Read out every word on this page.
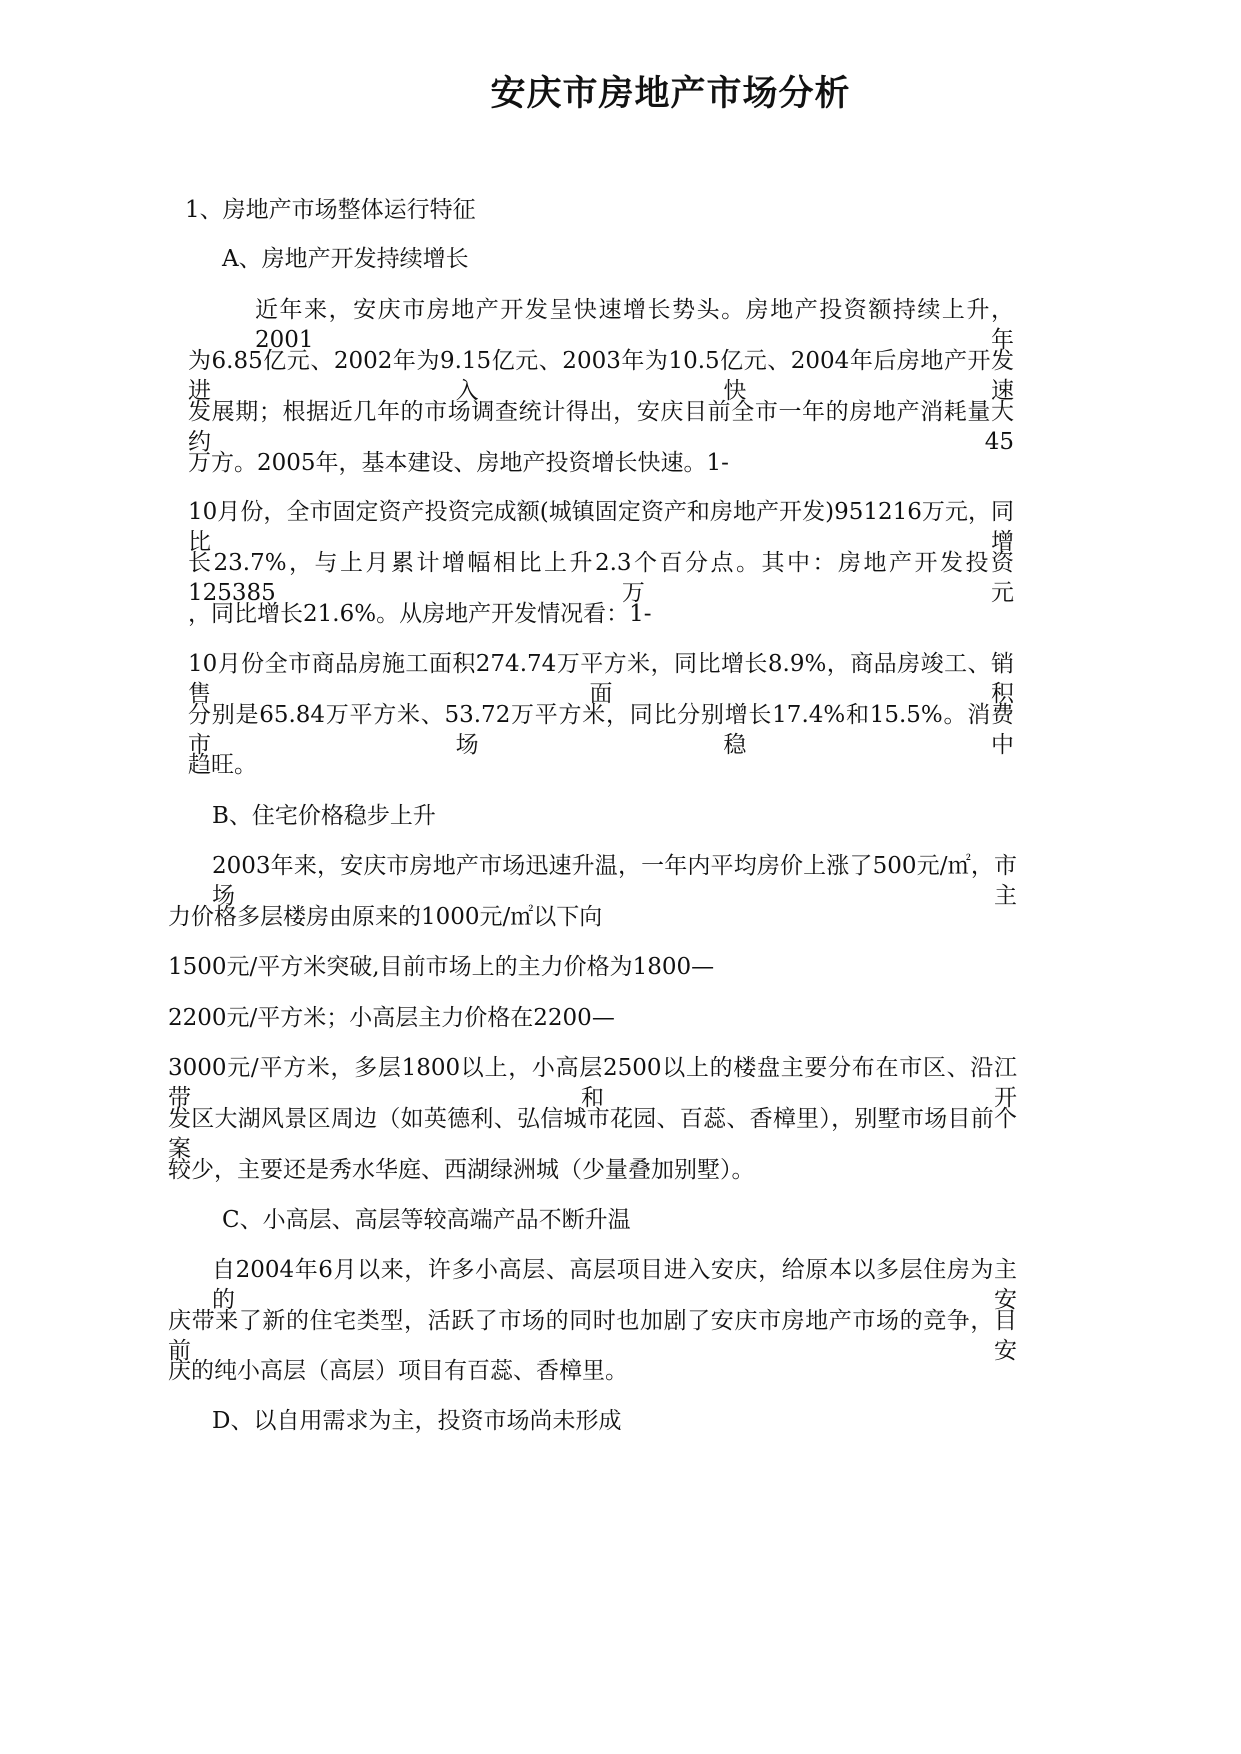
安庆市房地产市场分析
1、房地产市场整体运行特征
A、房地产开发持续增长
近年来，安庆市房地产开发呈快速增长势头。房地产投资额持续上升，2001年
为6.85亿元、2002年为9.15亿元、2003年为10.5亿元、2004年后房地产开发进入快速
发展期；根据近几年的市场调查统计得出，安庆目前全市一年的房地产消耗量大约45
万方。2005年，基本建设、房地产投资增长快速。1-
10月份，全市固定资产投资完成额(城镇固定资产和房地产开发)951216万元，同比增
长23.7%，与上月累计增幅相比上升2.3个百分点。其中：房地产开发投资125385万元
，同比增长21.6%。从房地产开发情况看：1-
10月份全市商品房施工面积274.74万平方米，同比增长8.9%，商品房竣工、销售面积
分别是65.84万平方米、53.72万平方米，同比分别增长17.4%和15.5%。消费市场稳中
趋旺。
B、住宅价格稳步上升
2003年来，安庆市房地产市场迅速升温，一年内平均房价上涨了500元/㎡，市场主
力价格多层楼房由原来的1000元/㎡以下向
1500元/平方米突破,目前市场上的主力价格为1800—
2200元/平方米；小高层主力价格在2200—
3000元/平方米，多层1800以上，小高层2500以上的楼盘主要分布在市区、沿江带和开
发区大湖风景区周边（如英德利、弘信城市花园、百蕊、香樟里），别墅市场目前个案
较少，主要还是秀水华庭、西湖绿洲城（少量叠加别墅）。
C、小高层、高层等较高端产品不断升温
自2004年6月以来，许多小高层、高层项目进入安庆，给原本以多层住房为主的安
庆带来了新的住宅类型，活跃了市场的同时也加剧了安庆市房地产市场的竞争，目前安
庆的纯小高层（高层）项目有百蕊、香樟里。
D、以自用需求为主，投资市场尚未形成
